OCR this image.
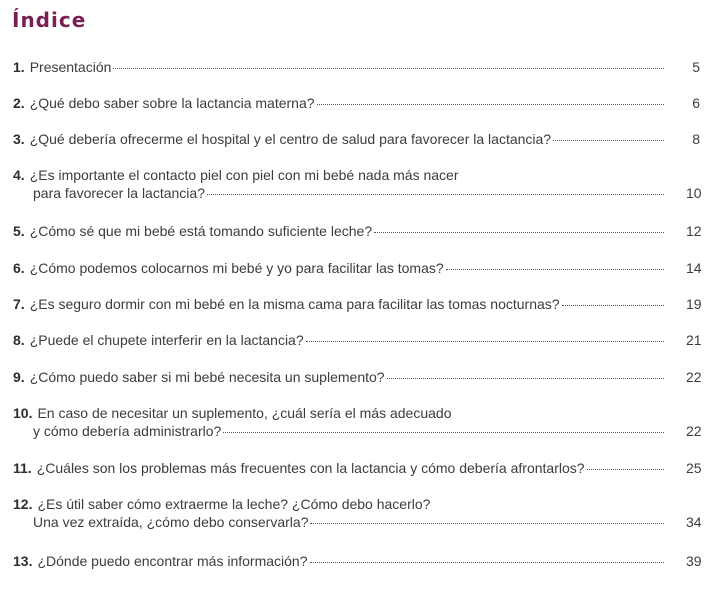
Índice
1. Presentación	5
2. ¿Qué debo saber sobre la lactancia materna?	6
3. ¿Qué debería ofrecerme el hospital y el centro de salud para favorecer la lactancia?	8
4. ¿Es importante el contacto piel con piel con mi bebé nada más nacer
para favorecer la lactancia?	10
5. ¿Cómo sé que mi bebé está tomando suficiente leche?	12
6. ¿Cómo podemos colocarnos mi bebé y yo para facilitar las tomas?	14
7. ¿Es seguro dormir con mi bebé en la misma cama para facilitar las tomas nocturnas?	19
8. ¿Puede el chupete interferir en la lactancia?	21
9. ¿Cómo puedo saber si mi bebé necesita un suplemento?	22
10. En caso de necesitar un suplemento, ¿cuál sería el más adecuado
y cómo debería administrarlo?	22
11. ¿Cuáles son los problemas más frecuentes con la lactancia y cómo debería afrontarlos?	25
12. ¿Es útil saber cómo extraerme la leche? ¿Cómo debo hacerlo?
Una vez extraída, ¿cómo debo conservarla?	34
13. ¿Dónde puedo encontrar más información?	39
